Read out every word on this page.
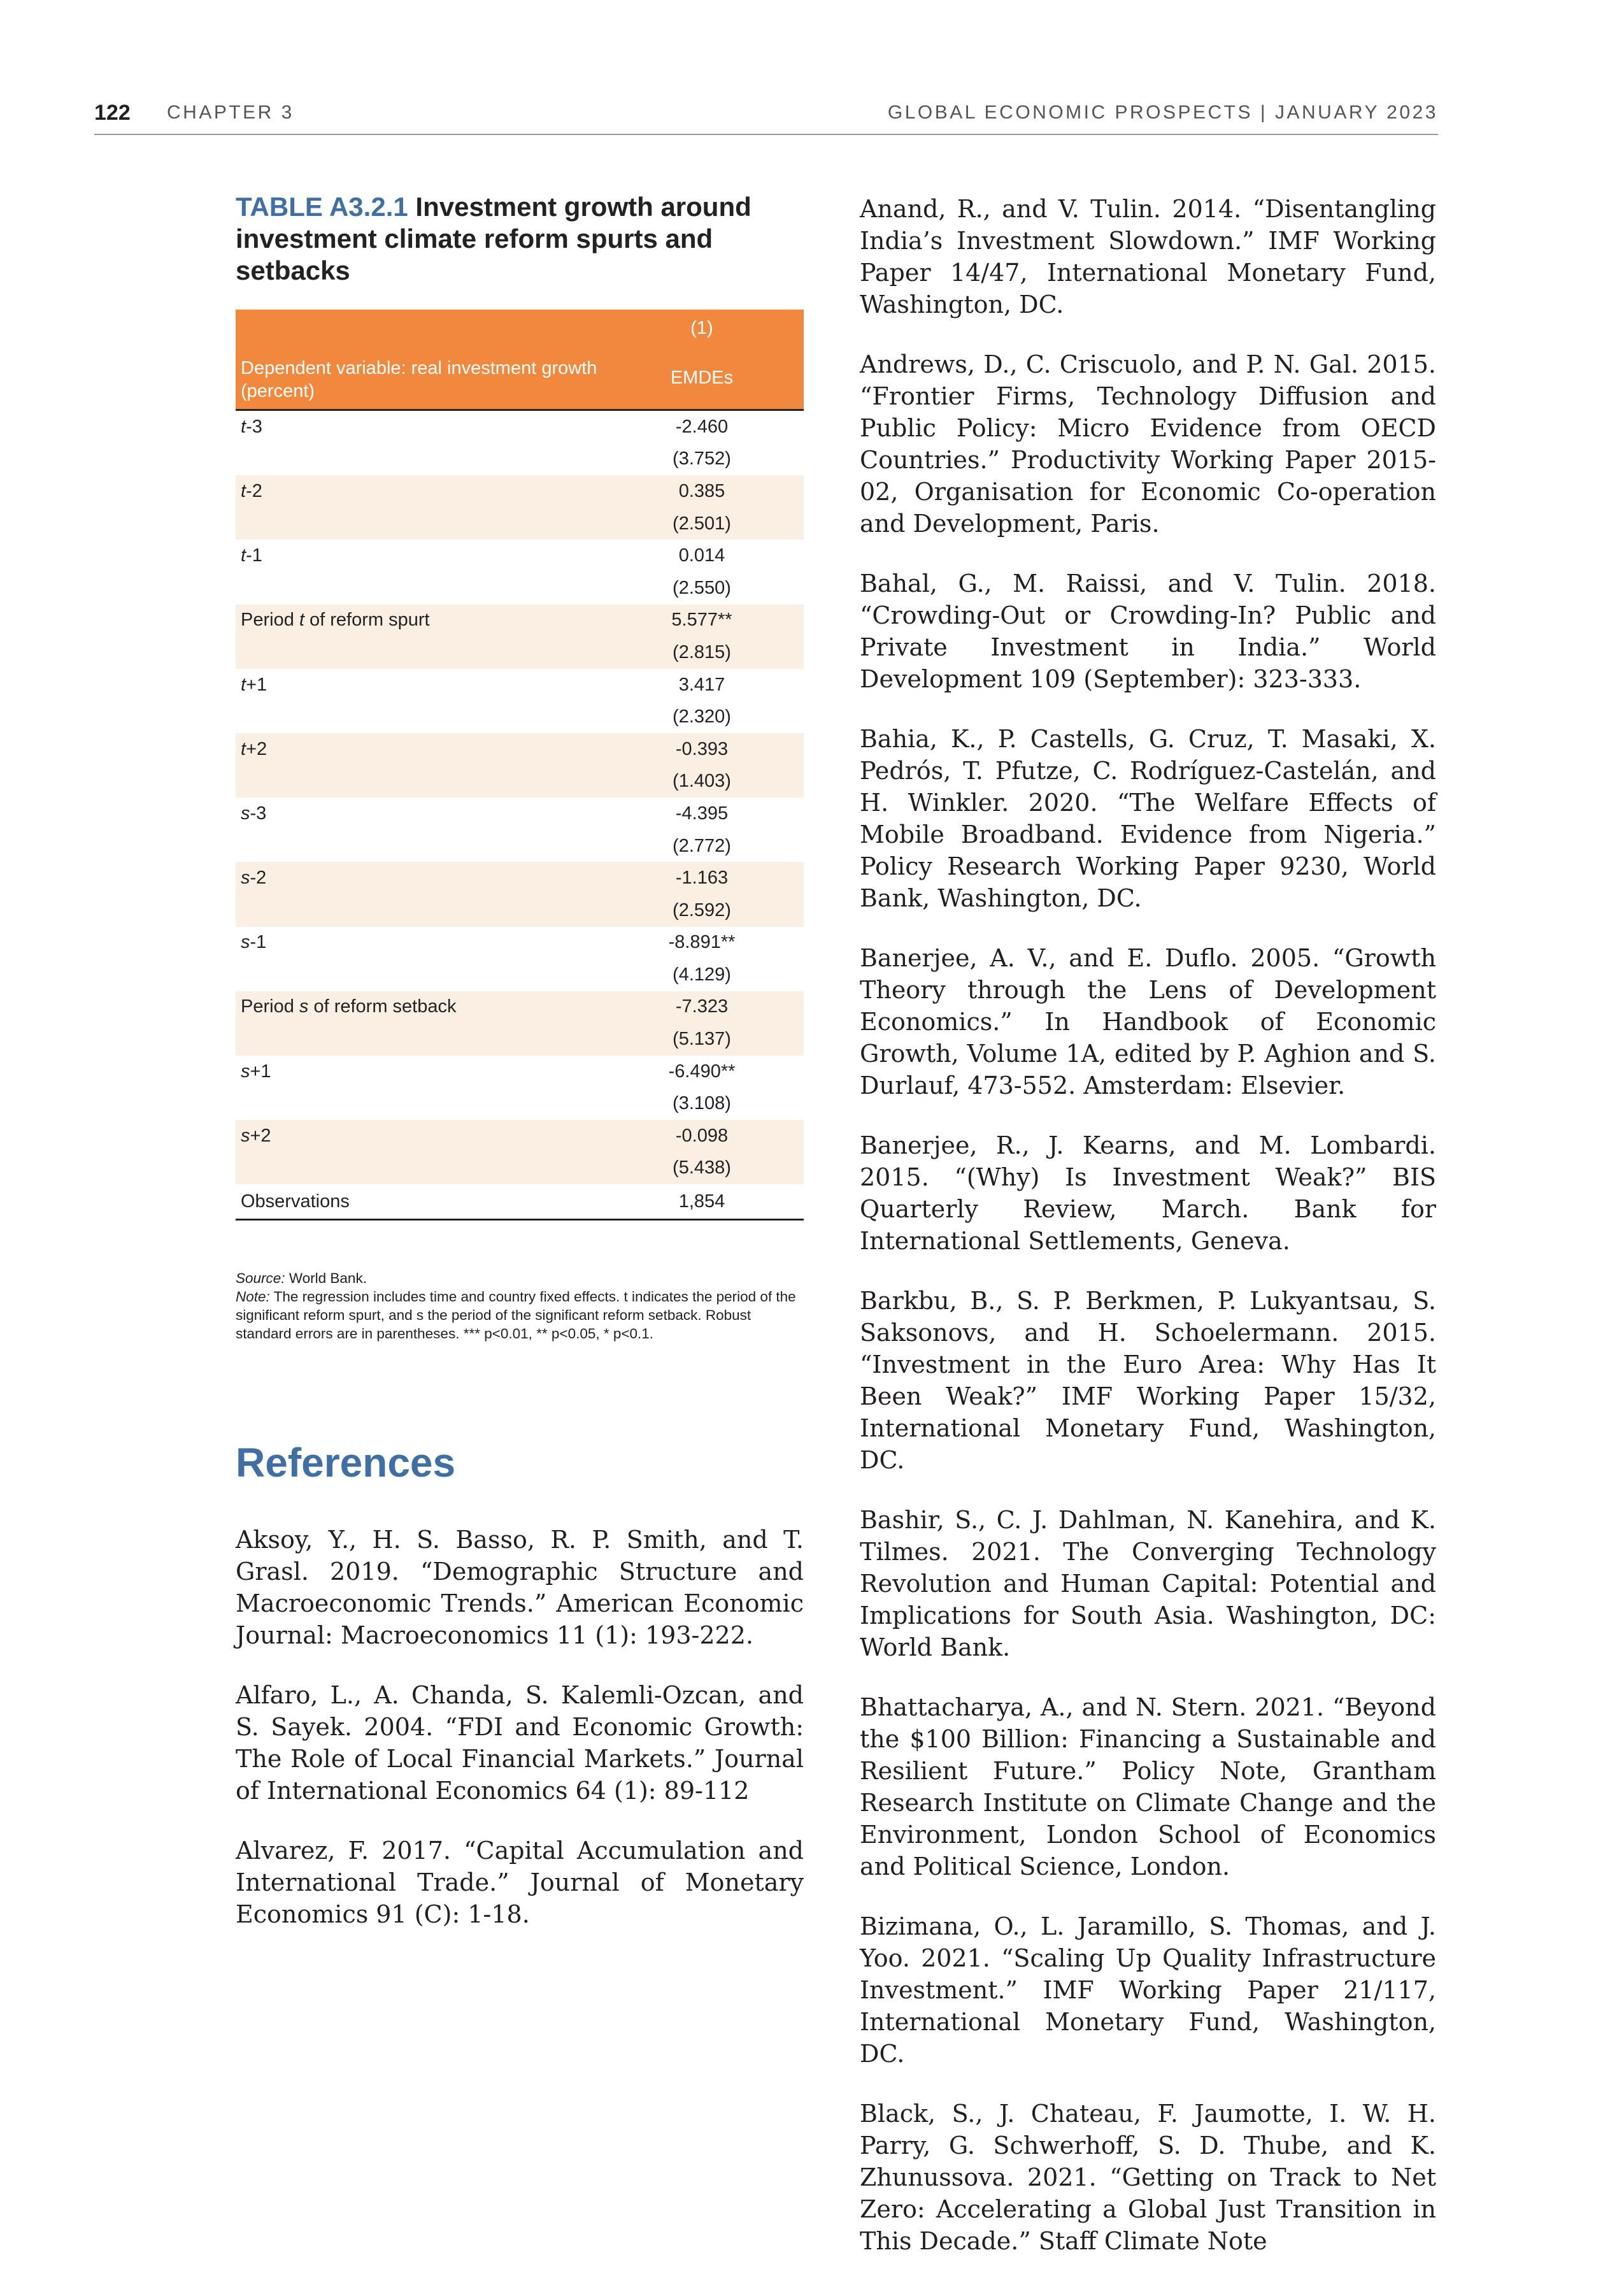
122 CHAPTER 3	GLOBAL ECONOMIC PROSPECTS | JANUARY 2023
TABLE A3.2.1 Investment growth around investment climate reform spurts and setbacks
	(1)
Dependent variable: real investment growth (percent)	EMDEs
t-3	-2.460
	(3.752)
t-2	0.385
	(2.501)
t-1	0.014
	(2.550)
Period t of reform spurt	5.577**
	(2.815)
t+1	3.417
	(2.320)
t+2	-0.393
	(1.403)
s-3	-4.395
	(2.772)
s-2	-1.163
	(2.592)
s-1	-8.891**
	(4.129)
Period s of reform setback	-7.323
	(5.137)
s+1	-6.490**
	(3.108)
s+2	-0.098
	(5.438)
Observations	1,854

Source: World Bank.

Note: The regression includes time and country fixed effects. t indicates the period of the significant reform spurt, and s the period of the significant reform setback. Robust standard errors are in parentheses. *** p<0.01, ** p<0.05, * p<0.1.

References

Aksoy, Y., H. S. Basso, R. P. Smith, and T. Grasl. 2019. “Demographic Structure and Macroeconomic Trends.” American Economic Journal: Macroeconomics 11 (1): 193-222.

Alfaro, L., A. Chanda, S. Kalemli-Ozcan, and S. Sayek. 2004. “FDI and Economic Growth: The Role of Local Financial Markets.” Journal of International Economics 64 (1): 89-112

Alvarez, F. 2017. “Capital Accumulation and International Trade.” Journal of Monetary Economics 91 (C): 1-18.

Anand, R., and V. Tulin. 2014. “Disentangling India’s Investment Slowdown.” IMF Working Paper 14/47, International Monetary Fund, Washington, DC.

Andrews, D., C. Criscuolo, and P. N. Gal. 2015. “Frontier Firms, Technology Diffusion and Public Policy: Micro Evidence from OECD Countries.” Productivity Working Paper 2015-02, Organisation for Economic Co-operation and Development, Paris.

Bahal, G., M. Raissi, and V. Tulin. 2018. “Crowding-Out or Crowding-In? Public and Private Investment in India.” World Development 109 (September): 323-333.

Bahia, K., P. Castells, G. Cruz, T. Masaki, X. Pedrós, T. Pfutze, C. Rodríguez-Castelán, and H. Winkler. 2020. “The Welfare Effects of Mobile Broadband. Evidence from Nigeria.” Policy Research Working Paper 9230, World Bank, Washington, DC.

Banerjee, A. V., and E. Duflo. 2005. “Growth Theory through the Lens of Development Economics.” In Handbook of Economic Growth, Volume 1A, edited by P. Aghion and S. Durlauf, 473-552. Amsterdam: Elsevier.

Banerjee, R., J. Kearns, and M. Lombardi. 2015. “(Why) Is Investment Weak?” BIS Quarterly Review, March. Bank for International Settlements, Geneva.

Barkbu, B., S. P. Berkmen, P. Lukyantsau, S. Saksonovs, and H. Schoelermann. 2015. “Investment in the Euro Area: Why Has It Been Weak?” IMF Working Paper 15/32, International Monetary Fund, Washington, DC.

Bashir, S., C. J. Dahlman, N. Kanehira, and K. Tilmes. 2021. The Converging Technology Revolution and Human Capital: Potential and Implications for South Asia. Washington, DC: World Bank.

Bhattacharya, A., and N. Stern. 2021. “Beyond the $100 Billion: Financing a Sustainable and Resilient Future.” Policy Note, Grantham Research Institute on Climate Change and the Environment, London School of Economics and Political Science, London.

Bizimana, O., L. Jaramillo, S. Thomas, and J. Yoo. 2021. “Scaling Up Quality Infrastructure Investment.” IMF Working Paper 21/117, International Monetary Fund, Washington, DC.

Black, S., J. Chateau, F. Jaumotte, I. W. H. Parry, G. Schwerhoff, S. D. Thube, and K. Zhunussova. 2021. “Getting on Track to Net Zero: Accelerating a Global Just Transition in This Decade.” Staff Climate Note
